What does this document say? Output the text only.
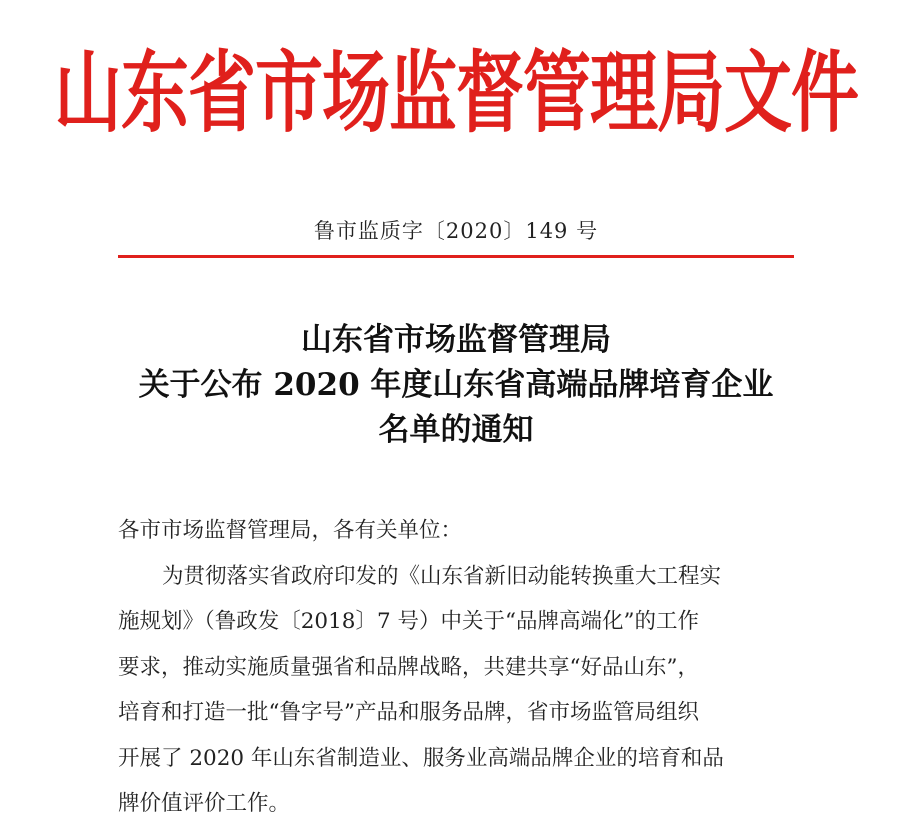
山东省市场监督管理局文件
鲁市监质字〔2020〕149 号
山东省市场监督管理局
关于公布 2020 年度山东省高端品牌培育企业
名单的通知
各市市场监督管理局，各有关单位：
为贯彻落实省政府印发的《山东省新旧动能转换重大工程实
施规划》（鲁政发〔2018〕7 号）中关于“品牌高端化”的工作
要求，推动实施质量强省和品牌战略，共建共享“好品山东”，
培育和打造一批“鲁字号”产品和服务品牌，省市场监管局组织
开展了 2020 年山东省制造业、服务业高端品牌企业的培育和品
牌价值评价工作。
